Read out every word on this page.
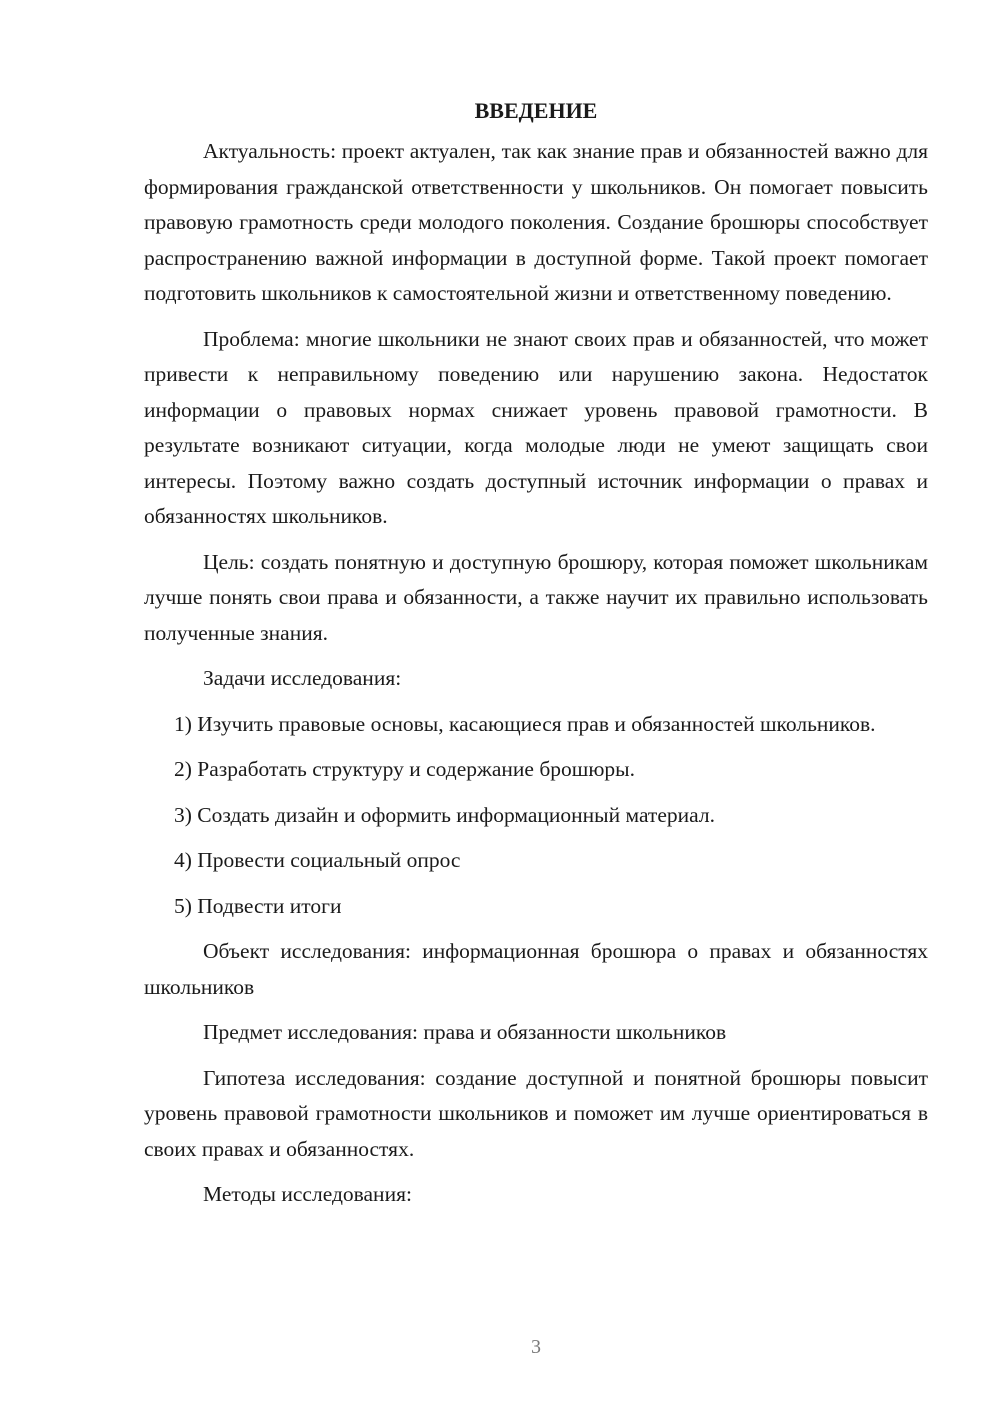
ВВЕДЕНИЕ

Актуальность: проект актуален, так как знание прав и обязанностей важно для формирования гражданской ответственности у школьников. Он помогает повысить правовую грамотность среди молодого поколения. Создание брошюры способствует распространению важной информации в доступной форме. Такой проект помогает подготовить школьников к самостоятельной жизни и ответственному поведению.

Проблема: многие школьники не знают своих прав и обязанностей, что может привести к неправильному поведению или нарушению закона. Недостаток информации о правовых нормах снижает уровень правовой грамотности. В результате возникают ситуации, когда молодые люди не умеют защищать свои интересы. Поэтому важно создать доступный источник информации о правах и обязанностях школьников.

Цель: создать понятную и доступную брошюру, которая поможет школьникам лучше понять свои права и обязанности, а также научит их правильно использовать полученные знания.

Задачи исследования:

1) Изучить правовые основы, касающиеся прав и обязанностей школьников.

2) Разработать структуру и содержание брошюры.

3) Создать дизайн и оформить информационный материал.

4) Провести социальный опрос

5) Подвести итоги

Объект исследования: информационная брошюра о правах и обязанностях школьников

Предмет исследования: права и обязанности школьников

Гипотеза исследования: создание доступной и понятной брошюры повысит уровень правовой грамотности школьников и поможет им лучше ориентироваться в своих правах и обязанностях.

Методы исследования:

3
